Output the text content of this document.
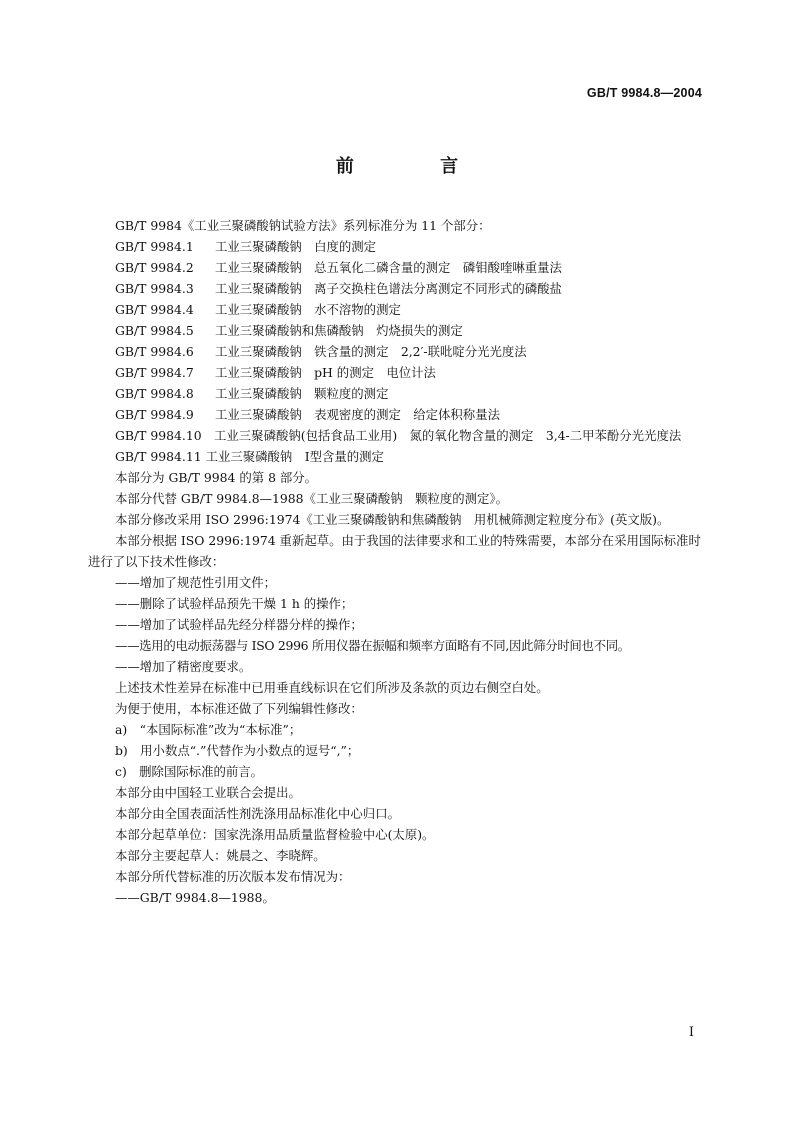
GB/T 9984.8—2004
前 言

GB/T 9984《工业三聚磷酸钠试验方法》系列标准分为 11 个部分：

GB/T 9984.1 工业三聚磷酸钠　白度的测定

GB/T 9984.2 工业三聚磷酸钠　总五氧化二磷含量的测定　磷钼酸喹啉重量法

GB/T 9984.3 工业三聚磷酸钠　离子交换柱色谱法分离测定不同形式的磷酸盐

GB/T 9984.4 工业三聚磷酸钠　水不溶物的测定

GB/T 9984.5 工业三聚磷酸钠和焦磷酸钠　灼烧损失的测定

GB/T 9984.6 工业三聚磷酸钠　铁含量的测定　2,2′-联吡啶分光光度法

GB/T 9984.7 工业三聚磷酸钠　pH 的测定　电位计法

GB/T 9984.8 工业三聚磷酸钠　颗粒度的测定

GB/T 9984.9 工业三聚磷酸钠　表观密度的测定　给定体积称量法

GB/T 9984.10　 工业三聚磷酸钠(包括食品工业用)　氮的氧化物含量的测定　3,4-二甲苯酚分光光度法

GB/T 9984.11 工业三聚磷酸钠　Ⅰ型含量的测定

本部分为 GB/T 9984 的第 8 部分。

本部分代替 GB/T 9984.8—1988《工业三聚磷酸钠　颗粒度的测定》。

本部分修改采用 ISO 2996:1974《工业三聚磷酸钠和焦磷酸钠　用机械筛测定粒度分布》(英文版)。

本部分根据 ISO 2996:1974 重新起草。由于我国的法律要求和工业的特殊需要，本部分在采用国际标准时进行了以下技术性修改：

——增加了规范性引用文件；

——删除了试验样品预先干燥 1 h 的操作；

——增加了试验样品先经分样器分样的操作；

——选用的电动振荡器与 ISO 2996 所用仪器在振幅和频率方面略有不同,因此筛分时间也不同。

——增加了精密度要求。

上述技术性差异在标准中已用垂直线标识在它们所涉及条款的页边右侧空白处。

为便于使用，本标准还做了下列编辑性修改：

a)　“本国际标准”改为“本标准”；

b)　用小数点“.”代替作为小数点的逗号“,”；

c)　删除国际标准的前言。

本部分由中国轻工业联合会提出。

本部分由全国表面活性剂洗涤用品标准化中心归口。

本部分起草单位：国家洗涤用品质量监督检验中心(太原)。

本部分主要起草人：姚晨之、李晓辉。

本部分所代替标准的历次版本发布情况为：

——GB/T 9984.8—1988。

I
